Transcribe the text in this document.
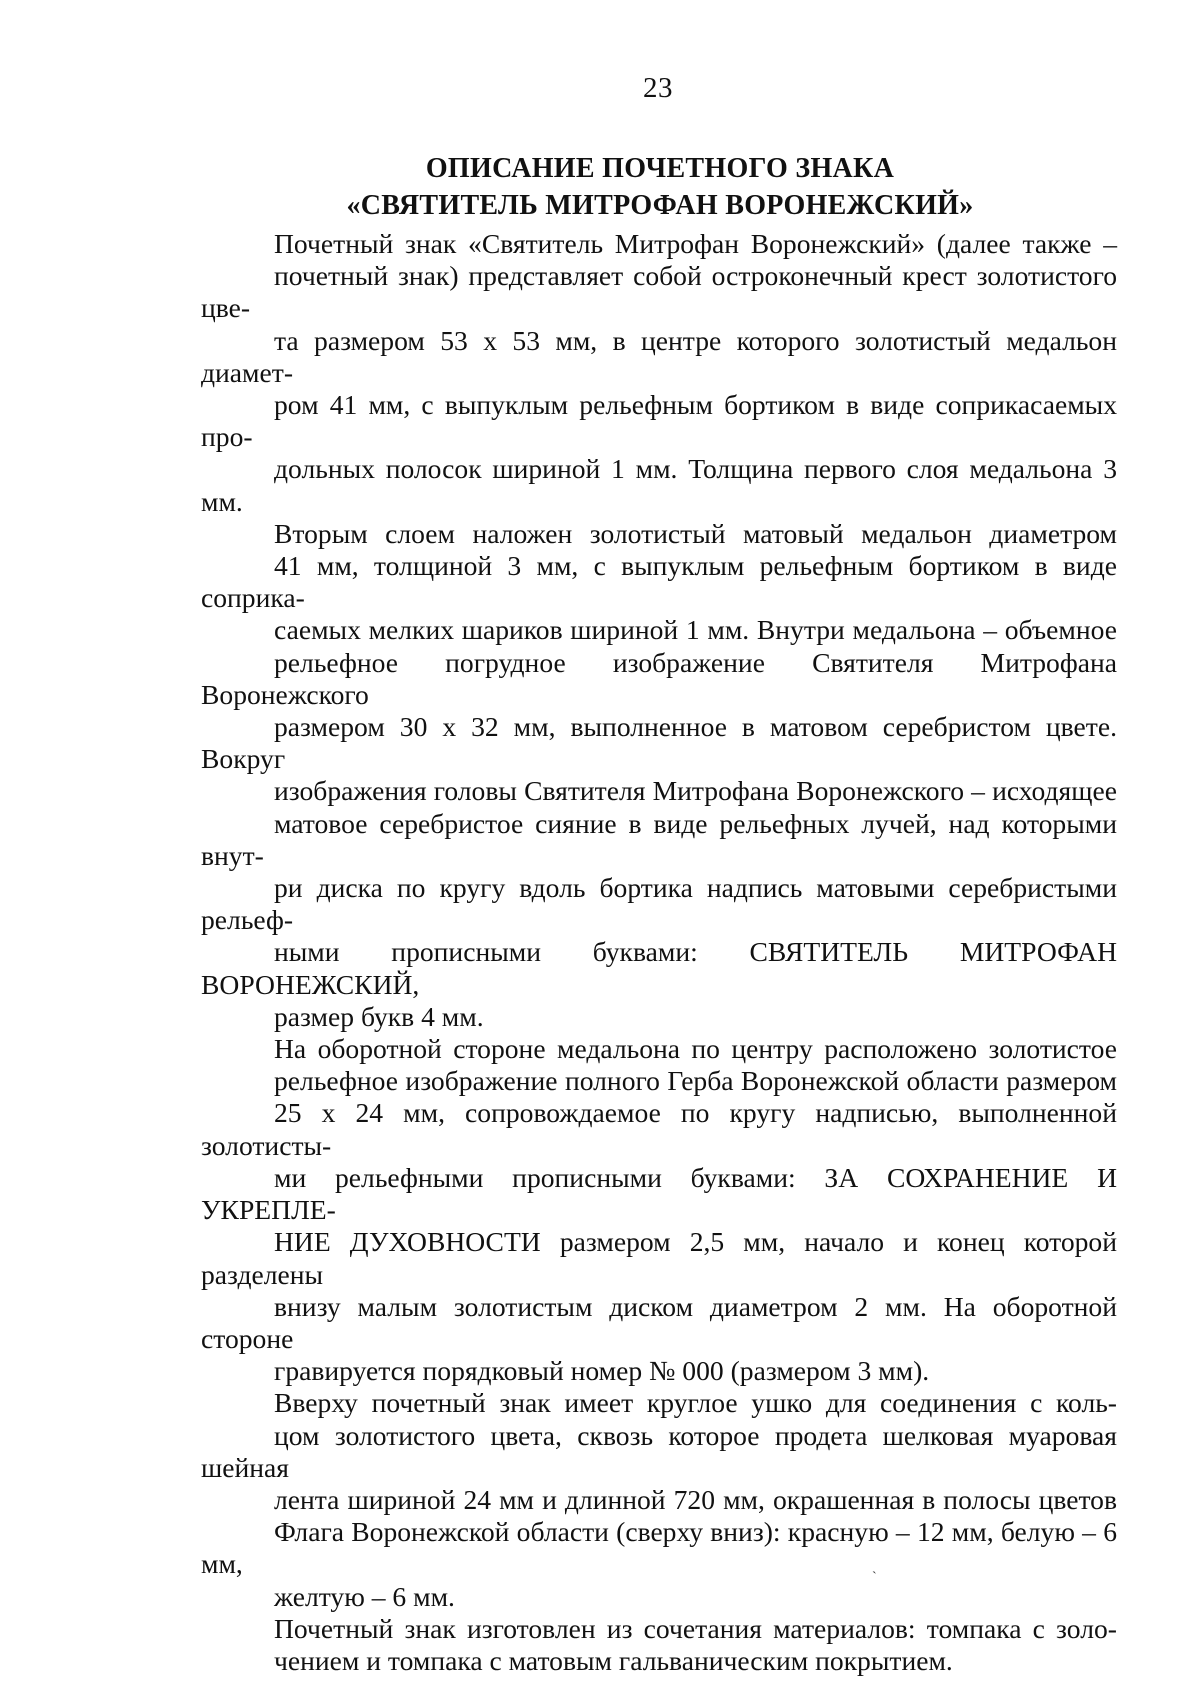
23
ОПИСАНИЕ ПОЧЕТНОГО ЗНАКА
«СВЯТИТЕЛЬ МИТРОФАН ВОРОНЕЖСКИЙ»

Почетный знак «Святитель Митрофан Воронежский» (далее также –
почетный знак) представляет собой остроконечный крест золотистого цве-
та размером 53 х 53 мм, в центре которого золотистый медальон диамет-
ром 41 мм, с выпуклым рельефным бортиком в виде соприкасаемых про-
дольных полосок шириной 1 мм. Толщина первого слоя медальона 3 мм.

Вторым слоем наложен золотистый матовый медальон диаметром
41 мм, толщиной 3 мм, с выпуклым рельефным бортиком в виде соприка-
саемых мелких шариков шириной 1 мм. Внутри медальона – объемное
рельефное погрудное изображение Святителя Митрофана Воронежского
размером 30 х 32 мм, выполненное в матовом серебристом цвете. Вокруг
изображения головы Святителя Митрофана Воронежского – исходящее
матовое серебристое сияние в виде рельефных лучей, над которыми внут-
ри диска по кругу вдоль бортика надпись матовыми серебристыми рельеф-
ными прописными буквами: СВЯТИТЕЛЬ МИТРОФАН ВОРОНЕЖСКИЙ,
размер букв 4 мм.

На оборотной стороне медальона по центру расположено золотистое
рельефное изображение полного Герба Воронежской области размером
25 х 24 мм, сопровождаемое по кругу надписью, выполненной золотисты-
ми рельефными прописными буквами: ЗА СОХРАНЕНИЕ И УКРЕПЛЕ-
НИЕ ДУХОВНОСТИ размером 2,5 мм, начало и конец которой разделены
внизу малым золотистым диском диаметром 2 мм. На оборотной стороне
гравируется порядковый номер № 000 (размером 3 мм).

Вверху почетный знак имеет круглое ушко для соединения с коль-
цом золотистого цвета, сквозь которое продета шелковая муаровая шейная
лента шириной 24 мм и длинной 720 мм, окрашенная в полосы цветов
Флага Воронежской области (сверху вниз): красную – 12 мм, белую – 6 мм,
желтую – 6 мм.

Почетный знак изготовлен из сочетания материалов: томпака с золо-
чением и томпака с матовым гальваническим покрытием.

ˋ
